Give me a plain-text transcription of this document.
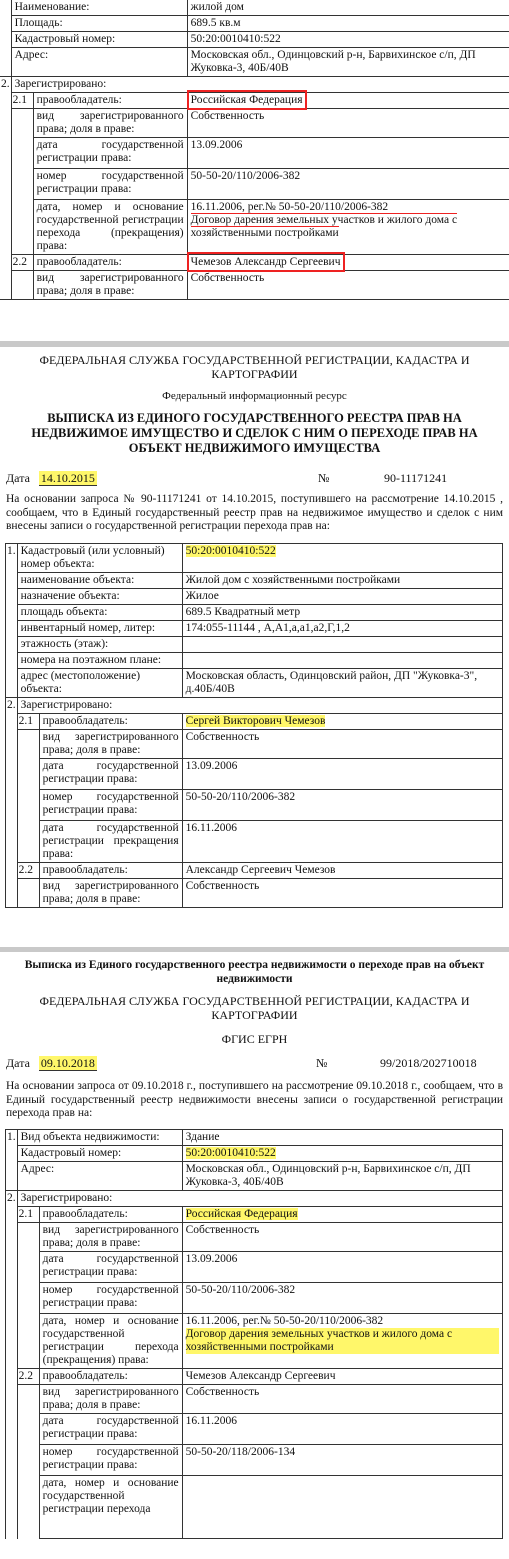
	Наименование:		жилой дом
	Площадь:		689.5 кв.м
	Кадастровый номер:		50:20:0010410:522
	Адрес:		Московская обл., Одинцовский р-н, Барвихинское с/п, ДП Жуковка-3, 40Б/40В
2.	Зарегистрировано:		
	2.1	правообладатель:	Российская Федерация
		вид зарегистрированного права; доля в праве:	Собственность
		дата государственной регистрации права:	13.09.2006
		номер государственной регистрации права:	50-50-20/110/2006-382
		дата, номер и основание государственной регистрации перехода (прекращения) права:	16.11.2006, рег.№ 50-50-20/110/2006-382
Договор дарения земельных участков и жилого дома с хозяйственными постройками
	2.2	правообладатель:	Чемезов Александр Сергеевич
		вид зарегистрированного права; доля в праве:	Собственность
ФЕДЕРАЛЬНАЯ СЛУЖБА ГОСУДАРСТВЕННОЙ РЕГИСТРАЦИИ, КАДАСТРА И КАРТОГРАФИИ
Федеральный информационный ресурс
ВЫПИСКА ИЗ ЕДИНОГО ГОСУДАРСТВЕННОГО РЕЕСТРА ПРАВ НА НЕДВИЖИМОЕ ИМУЩЕСТВО И СДЕЛОК С НИМ О ПЕРЕХОДЕ ПРАВ НА ОБЪЕКТ НЕДВИЖИМОГО ИМУЩЕСТВА
Дата 14.10.2015	№	90-11171241
На основании запроса № 90-11171241 от 14.10.2015, поступившего на рассмотрение 14.10.2015 , сообщаем, что в Единый государственный реестр прав на недвижимое имущество и сделок с ним внесены записи о государственной регистрации перехода прав на:
1.	Кадастровый (или условный) номер объекта:		50:20:0010410:522
	наименование объекта:		Жилой дом с хозяйственными постройками
	назначение объекта:		Жилое
	площадь объекта:		689.5 Квадратный метр
	инвентарный номер, литер:		174:055-11144 , А,А1,а,а1,а2,Г,1,2
	этажность (этаж):		
	номера на поэтажном плане:		
	адрес (местоположение) объекта:		Московская область, Одинцовский район, ДП "Жуковка-3", д.40Б/40В
2.	Зарегистрировано:		
	2.1	правообладатель:	Сергей Викторович Чемезов
		вид зарегистрированного права; доля в праве:	Собственность
		дата государственной регистрации права:	13.09.2006
		номер государственной регистрации права:	50-50-20/110/2006-382
		дата государственной регистрации прекращения права:	16.11.2006
	2.2	правообладатель:	Александр Сергеевич Чемезов
		вид зарегистрированного права; доля в праве:	Собственность
Выписка из Единого государственного реестра недвижимости о переходе прав на объект недвижимости
ФЕДЕРАЛЬНАЯ СЛУЖБА ГОСУДАРСТВЕННОЙ РЕГИСТРАЦИИ, КАДАСТРА И КАРТОГРАФИИ
ФГИС ЕГРН
Дата 09.10.2018	№	99/2018/202710018
На основании запроса от 09.10.2018 г., поступившего на рассмотрение 09.10.2018 г., сообщаем, что в Единый государственный реестр недвижимости внесены записи о государственной регистрации перехода прав на:
1.	Вид объекта недвижимости:		Здание
	Кадастровый номер:		50:20:0010410:522
	Адрес:		Московская обл., Одинцовский р-н, Барвихинское с/п, ДП Жуковка-3, 40Б/40В
2.	Зарегистрировано:		
	2.1	правообладатель:	Российская Федерация
		вид зарегистрированного права; доля в праве:	Собственность
		дата государственной регистрации права:	13.09.2006
		номер государственной регистрации права:	50-50-20/110/2006-382
		дата, номер и основание государственной регистрации перехода (прекращения) права:	16.11.2006, рег.№ 50-50-20/110/2006-382
Договор дарения земельных участков и жилого дома с хозяйственными постройками

	2.2	правообладатель:	Чемезов Александр Сергеевич
		вид зарегистрированного права; доля в праве:	Собственность
		дата государственной регистрации права:	16.11.2006
		номер государственной регистрации права:	50-50-20/118/2006-134
		дата, номер и основание государственной регистрации перехода	
